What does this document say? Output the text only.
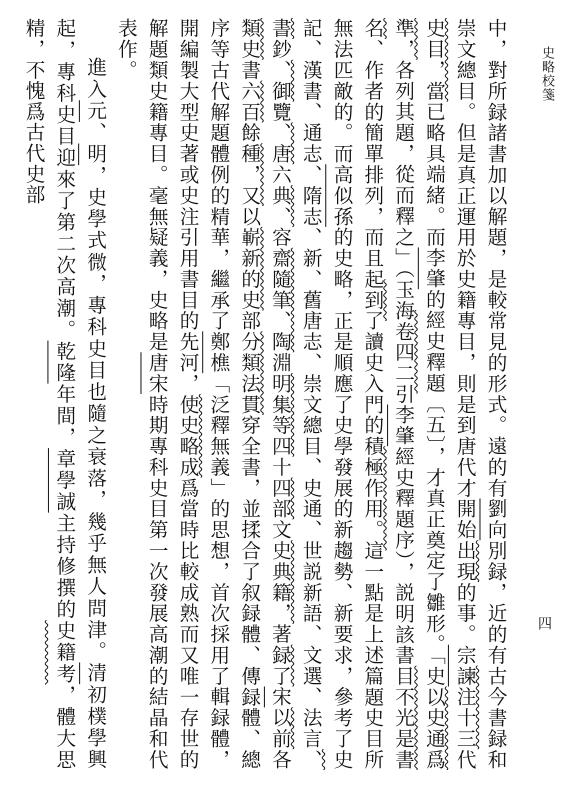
史略校箋
四

中，對所録諸書加以解題，是較常見的形式。遠的有劉向別録，近的有古今書録和崇文總目。但是真正運用於史籍專目，則是到唐代才開始出現的事。宗諫注十三代史目，當已略具端緒。而李肇的經史釋題〔五〕，才真正奠定了雛形。「史以史通爲準，各列其題，從而釋之」（玉海卷四二引李肇經史釋題序），説明該書目不光是書名、作者的簡單排列，而且起到了讀史入門的積極作用。這一點是上述篇題史目所無法匹敵的。而高似孫的史略，正是順應了史學發展的新趨勢、新要求，參考了史記、漢書、通志、隋志、新、舊唐志、崇文總目、史通、世説新語、文選、法言、書鈔、御覽、唐六典、容齋隨筆、陶淵明集等四十四部文史典籍，著録了宋以前各類史書六百餘種，又以嶄新的史部分類法貫穿全書，並揉合了叙録體、傳録體、總序等古代解題體例的精華，繼承了鄭樵「泛釋無義」的思想，首次採用了輯録體，開編製大型史著或史注引用書目的先河，使史略成爲當時比較成熟而又唯一存世的解題類史籍專目。毫無疑義，史略是唐宋時期專科史目第一次發展高潮的結晶和代表作。

進入元、明，史學式微，專科史目也隨之衰落，幾乎無人問津。清初樸學興起，專科史目迎來了第二次高潮。乾隆年間，章學誠主持修撰的史籍考，體大思精，不愧爲古代史部
